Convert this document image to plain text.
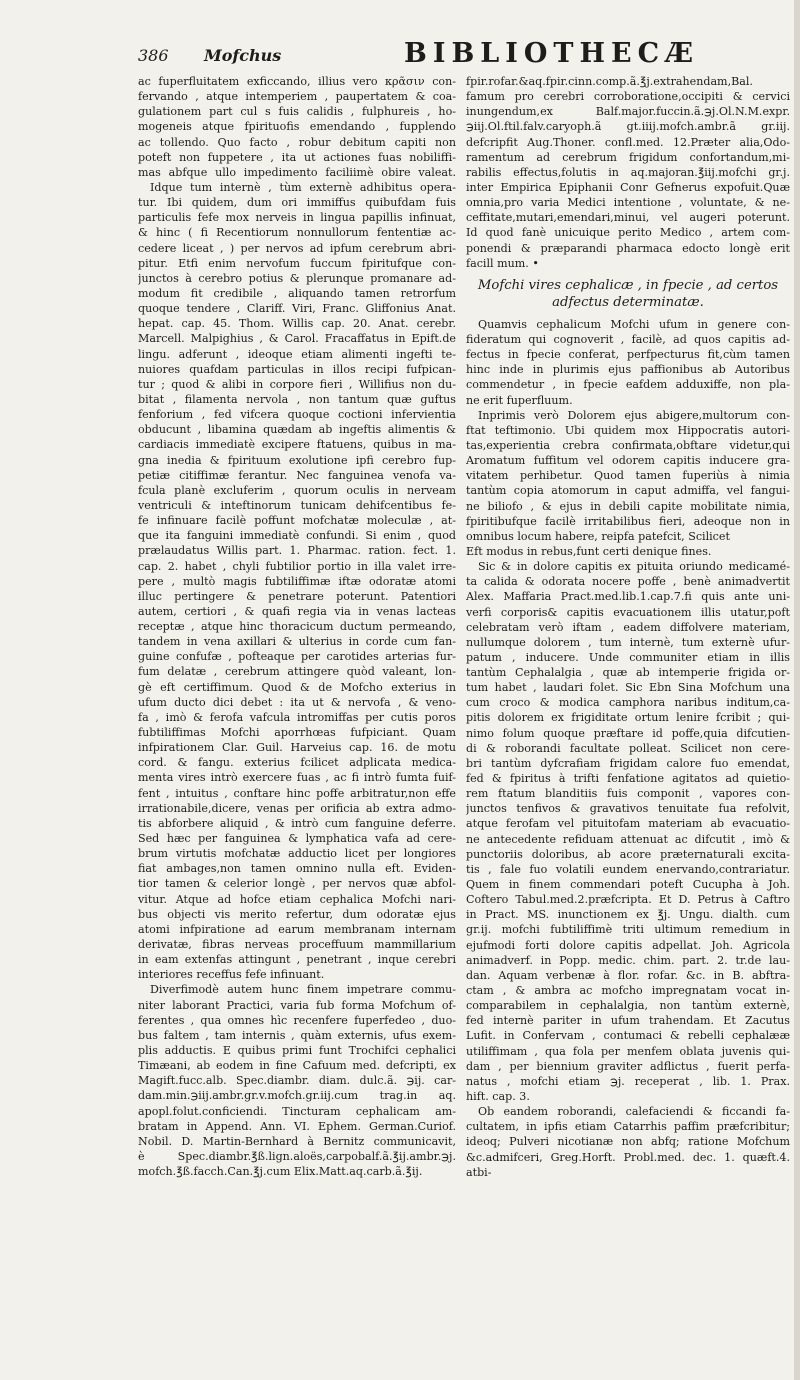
386 Mofchus	BIBLIOTHECÆ
ac fuperfluitatem exficcando, illius vero κρᾶσιν con-
fervando , atque intemperiem , paupertatem & coa-
gulationem part cul s fuis calidis , fulphureis , ho-
mogeneis atque fpirituofis emendando , fupplendo
ac tollendo. Quo facto , robur debitum capiti non
poteft non fuppetere , ita ut actiones fuas nobiliffi-
mas abfque ullo impedimento faciliimè obire valeat.
Idque tum internè , tùm externè adhibitus opera-
tur. Ibi quidem, dum ori immiffus quibufdam fuis
particulis fefe mox nerveis in lingua papillis infinuat,
& hinc ( fi Recentiorum nonnullorum fententiæ ac-
cedere liceat , ) per nervos ad ipfum cerebrum abri-
pitur. Etfi enim nervofum fuccum fpiritufque con-
junctos à cerebro potius & plerunque promanare ad-
modum fit credibile , aliquando tamen retrorfum
quoque tendere , Clariff. Viri, Franc. Gliffonius Anat.
hepat. cap. 45. Thom. Willis cap. 20. Anat. cerebr.
Marcell. Malpighius , & Carol. Fracaffatus in Epift.de
lingu. adferunt , ideoque etiam alimenti ingefti te-
nuiores quafdam particulas in illos recipi fufpican-
tur ; quod & alibi in corpore fieri , Willifius non du-
bitat , filamenta nervola , non tantum quæ guftus
fenforium , fed vifcera quoque coctioni infervientia
obducunt , libamina quædam ab ingeftis alimentis &
cardiacis immediatè excipere ftatuens, quibus in ma-
gna inedia & fpirituum exolutione ipfi cerebro fup-
petiæ citiffimæ ferantur. Nec fanguinea venofa va-
fcula planè excluferim , quorum oculis in nerveam
ventriculi & inteftinorum tunicam dehifcentibus fe-
fe infinuare facilè poffunt mofchatæ moleculæ , at-
que ita fanguini immediatè confundi. Si enim , quod
prælaudatus Willis part. 1. Pharmac. ration. fect. 1.
cap. 2. habet , chyli fubtilior portio in illa valet irre-
pere , multò magis fubtiliffimæ iftæ odoratæ atomi
illuc pertingere & penetrare poterunt. Patentiori
autem, certiori , & quafi regia via in venas lacteas
receptæ , atque hinc thoracicum ductum permeando,
tandem in vena axillari & ulterius in corde cum fan-
guine confufæ , pofteaque per carotides arterias fur-
fum delatæ , cerebrum attingere quòd valeant, lon-
gè eft certiffimum. Quod & de Mofcho exterius in
ufum ducto dici debet : ita ut & nervofa , & veno-
fa , imò & ferofa vafcula intromiffas per cutis poros
fubtiliffimas Mofchi aporrhœas fufpiciant. Quam
infpirationem Clar. Guil. Harveius cap. 16. de motu
cord. & fangu. exterius fcilicet adplicata medica-
menta vires intrò exercere fuas , ac fi intrò fumta fuif-
fent , intuitus , conftare hinc poffe arbitratur,non effe
irrationabile,dicere, venas per orificia ab extra admo-
tis abforbere aliquid , & intrò cum fanguine deferre.
Sed hæc per fanguinea & lymphatica vafa ad cere-
brum virtutis mofchatæ adductio licet per longiores
fiat ambages,non tamen omnino nulla eft. Eviden-
tior tamen & celerior longè , per nervos quæ abfol-
vitur. Atque ad hofce etiam cephalica Mofchi nari-
bus objecti vis merito refertur, dum odoratæ ejus
atomi infpiratione ad earum membranam internam
derivatæ, fibras nerveas proceffuum mammillarium
in eam extenfas attingunt , penetrant , inque cerebri
interiores receffus fefe infinuant.
Diverfimodè autem hunc finem impetrare commu-
niter laborant Practici, varia fub forma Mofchum of-
ferentes , qua omnes hìc recenfere fuperfedeo , duo-
bus faltem , tam internis , quàm externis, ufus exem-
plis adductis. E quibus primi funt Trochifci cephalici
Timæani, ab eodem in fine Cafuum med. defcripti, ex
Magift.fucc.alb. Spec.diambr. diam. dulc.ã. ℈ij. car-
dam.min.℈iij.ambr.gr.v.mofch.gr.iij.cum trag.in aq.
apopl.folut.conficiendi. Tincturam cephalicam am-
bratam in Append. Ann. VI. Ephem. German.Curiof.
Nobil. D. Martin-Bernhard à Bernitz communicavit,
è Spec.diambr.℥ß.lign.aloës,carpobalf.ã.℥ij.ambr.℈j.
mofch.℥ß.facch.Can.℥j.cum Elix.Matt.aq.carb.ã.℥ij.
fpir.rofar.&aq.fpir.cinn.comp.ã.℥j.extrahendam,Bal.
famum pro cerebri corroboratione,occipiti & cervici
inungendum,ex Balf.major.fuccin.ã.℈j.Ol.N.M.expr.
℈iij.Ol.ftil.falv.caryoph.ã gt.iiij.mofch.ambr.ã gr.iij.
defcripfit Aug.Thoner. confl.med. 12.Præter alia,Odo-
ramentum ad cerebrum frigidum confortandum,mi-
rabilis effectus,folutis in aq.majoran.℥iij.mofchi gr.j.
inter Empirica Epiphanii Conr Gefnerus expofuit.Quæ
omnia,pro varia Medici intentione , voluntate, & ne-
ceffitate,mutari,emendari,minui, vel augeri poterunt.
Id quod fanè unicuique perito Medico , artem com-
ponendi & præparandi pharmaca edocto longè erit
facill mum. •
Mofchi vires cephalicæ , in fpecie , ad certos
adfectus determinatæ.
Quamvis cephalicum Mofchi ufum in genere con-
fideratum qui cognoverit , facilè, ad quos capitis ad-
fectus in fpecie conferat, perfpecturus fit,cùm tamen
hinc inde in plurimis ejus paffionibus ab Autoribus
commendetur , in fpecie eafdem adduxiffe, non pla-
ne erit fuperfluum.
Inprimis verò Dolorem ejus abigere,multorum con-
ftat teftimonio. Ubi quidem mox Hippocratis autori-
tas,experientia crebra confirmata,obftare videtur,qui
Aromatum fuffitum vel odorem capitis inducere gra-
vitatem perhibetur. Quod tamen fuperiùs à nimia
tantùm copia atomorum in caput admiffa, vel fangui-
ne biliofo , & ejus in debili capite mobilitate nimia,
fpiritibufque facilè irritabilibus fieri, adeoque non in
omnibus locum habere, reipfa patefcit, Scilicet
Eft modus in rebus,funt certi denique fines.
Sic & in dolore capitis ex pituita oriundo medicamé-
ta calida & odorata nocere poffe , benè animadvertit
Alex. Maffaria Pract.med.lib.1.cap.7.fi quis ante uni-
verfi corporis& capitis evacuationem illis utatur,poft
celebratam verò iftam , eadem diffolvere materiam,
nullumque dolorem , tum internè, tum externè ufur-
patum , inducere. Unde communiter etiam in illis
tantùm Cephalalgia , quæ ab intemperie frigida or-
tum habet , laudari folet. Sic Ebn Sina Mofchum una
cum croco & modica camphora naribus inditum,ca-
pitis dolorem ex frigiditate ortum lenire fcribit ; qui-
nimo folum quoque præftare id poffe,quia difcutien-
di & roborandi facultate polleat. Scilicet non cere-
bri tantùm dyfcrafiam frigidam calore fuo emendat,
fed & fpiritus à trifti fenfatione agitatos ad quietio-
rem ftatum blanditiis fuis componit , vapores con-
junctos tenfivos & gravativos tenuitate fua refolvit,
atque ferofam vel pituitofam materiam ab evacuatio-
ne antecedente refiduam attenuat ac difcutit , imò &
punctoriis doloribus, ab acore præternaturali excita-
tis , fale fuo volatili eundem enervando,contrariatur.
Quem in finem commendari poteft Cucupha à Joh.
Coftero Tabul.med.2.præfcripta. Et D. Petrus à Caftro
in Pract. MS. inunctionem ex ℥j. Ungu. dialth. cum
gr.ij. mofchi fubtiliffimè triti ultimum remedium in
ejufmodi forti dolore capitis adpellat. Joh. Agricola
animadverf. in Popp. medic. chim. part. 2. tr.de lau-
dan. Aquam verbenæ à flor. rofar. &c. in B. abftra-
ctam , & ambra ac mofcho impregnatam vocat in-
comparabilem in cephalalgia, non tantùm externè,
fed internè pariter in ufum trahendam. Et Zacutus
Lufit. in Confervam , contumaci & rebelli cephalææ
utiliffimam , qua fola per menfem oblata juvenis qui-
dam , per biennium graviter adflictus , fuerit perfa-
natus , mofchi etiam ℈j. receperat , lib. 1. Prax.
hift. cap. 3.
Ob eandem roborandi, calefaciendi & ficcandi fa-
cultatem, in ipfis etiam Catarrhis paffim præfcribitur;
ideoq; Pulveri nicotianæ non abfq; ratione Mofchum
&c.admifceri, Greg.Horft. Probl.med. dec. 1. quæft.4.
atbi-
